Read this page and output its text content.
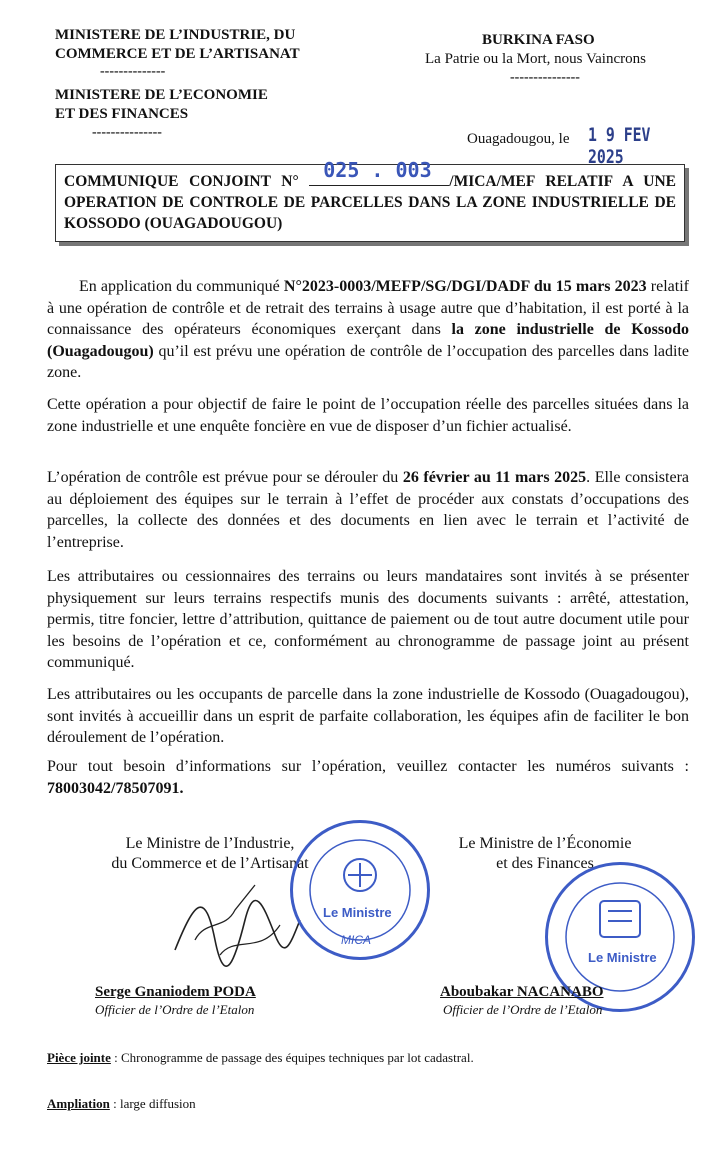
MINISTERE DE L’INDUSTRIE, DU
COMMERCE ET DE L’ARTISANAT
--------------
MINISTERE DE L’ECONOMIE
ET DES FINANCES
---------------
BURKINA FASO
La Patrie ou la Mort, nous Vaincrons
---------------
Ouagadougou, le 1 9 FEV 2025
COMMUNIQUE CONJOINT N° 025 . 003 /MICA/MEF RELATIF A UNE OPERATION DE CONTROLE DE PARCELLES DANS LA ZONE INDUSTRIELLE DE KOSSODO (OUAGADOUGOU)
En application du communiqué N°2023-0003/MEFP/SG/DGI/DADF du 15 mars 2023 relatif à une opération de contrôle et de retrait des terrains à usage autre que d’habitation, il est porté à la connaissance des opérateurs économiques exerçant dans la zone industrielle de Kossodo (Ouagadougou) qu’il est prévu une opération de contrôle de l’occupation des parcelles dans ladite zone.
Cette opération a pour objectif de faire le point de l’occupation réelle des parcelles situées dans la zone industrielle et une enquête foncière en vue de disposer d’un fichier actualisé.
L’opération de contrôle est prévue pour se dérouler du 26 février au 11 mars 2025. Elle consistera au déploiement des équipes sur le terrain à l’effet de procéder aux constats d’occupations des parcelles, la collecte des données et des documents en lien avec le terrain et l’activité de l’entreprise.
Les attributaires ou cessionnaires des terrains ou leurs mandataires sont invités à se présenter physiquement sur leurs terrains respectifs munis des documents suivants : arrêté, attestation, permis, titre foncier, lettre d’attribution, quittance de paiement ou de tout autre document utile pour les besoins de l’opération et ce, conformément au chronogramme de passage joint au présent communiqué.
Les attributaires ou les occupants de parcelle dans la zone industrielle de Kossodo (Ouagadougou), sont invités à accueillir dans un esprit de parfaite collaboration, les équipes afin de faciliter le bon déroulement de l’opération.
Pour tout besoin d’informations sur l’opération, veuillez contacter les numéros suivants : 78003042/78507091.
Le Ministre de l’Industrie,
du Commerce et de l’Artisanat
Le Ministre
MICA
Serge Gnaniodem PODA
Officier de l’Ordre de l’Etalon
Le Ministre de l’Économie
et des Finances
Le Ministre
Aboubakar NACANABO
Officier de l’Ordre de l’Etalon
Pièce jointe : Chronogramme de passage des équipes techniques par lot cadastral.
Ampliation : large diffusion
